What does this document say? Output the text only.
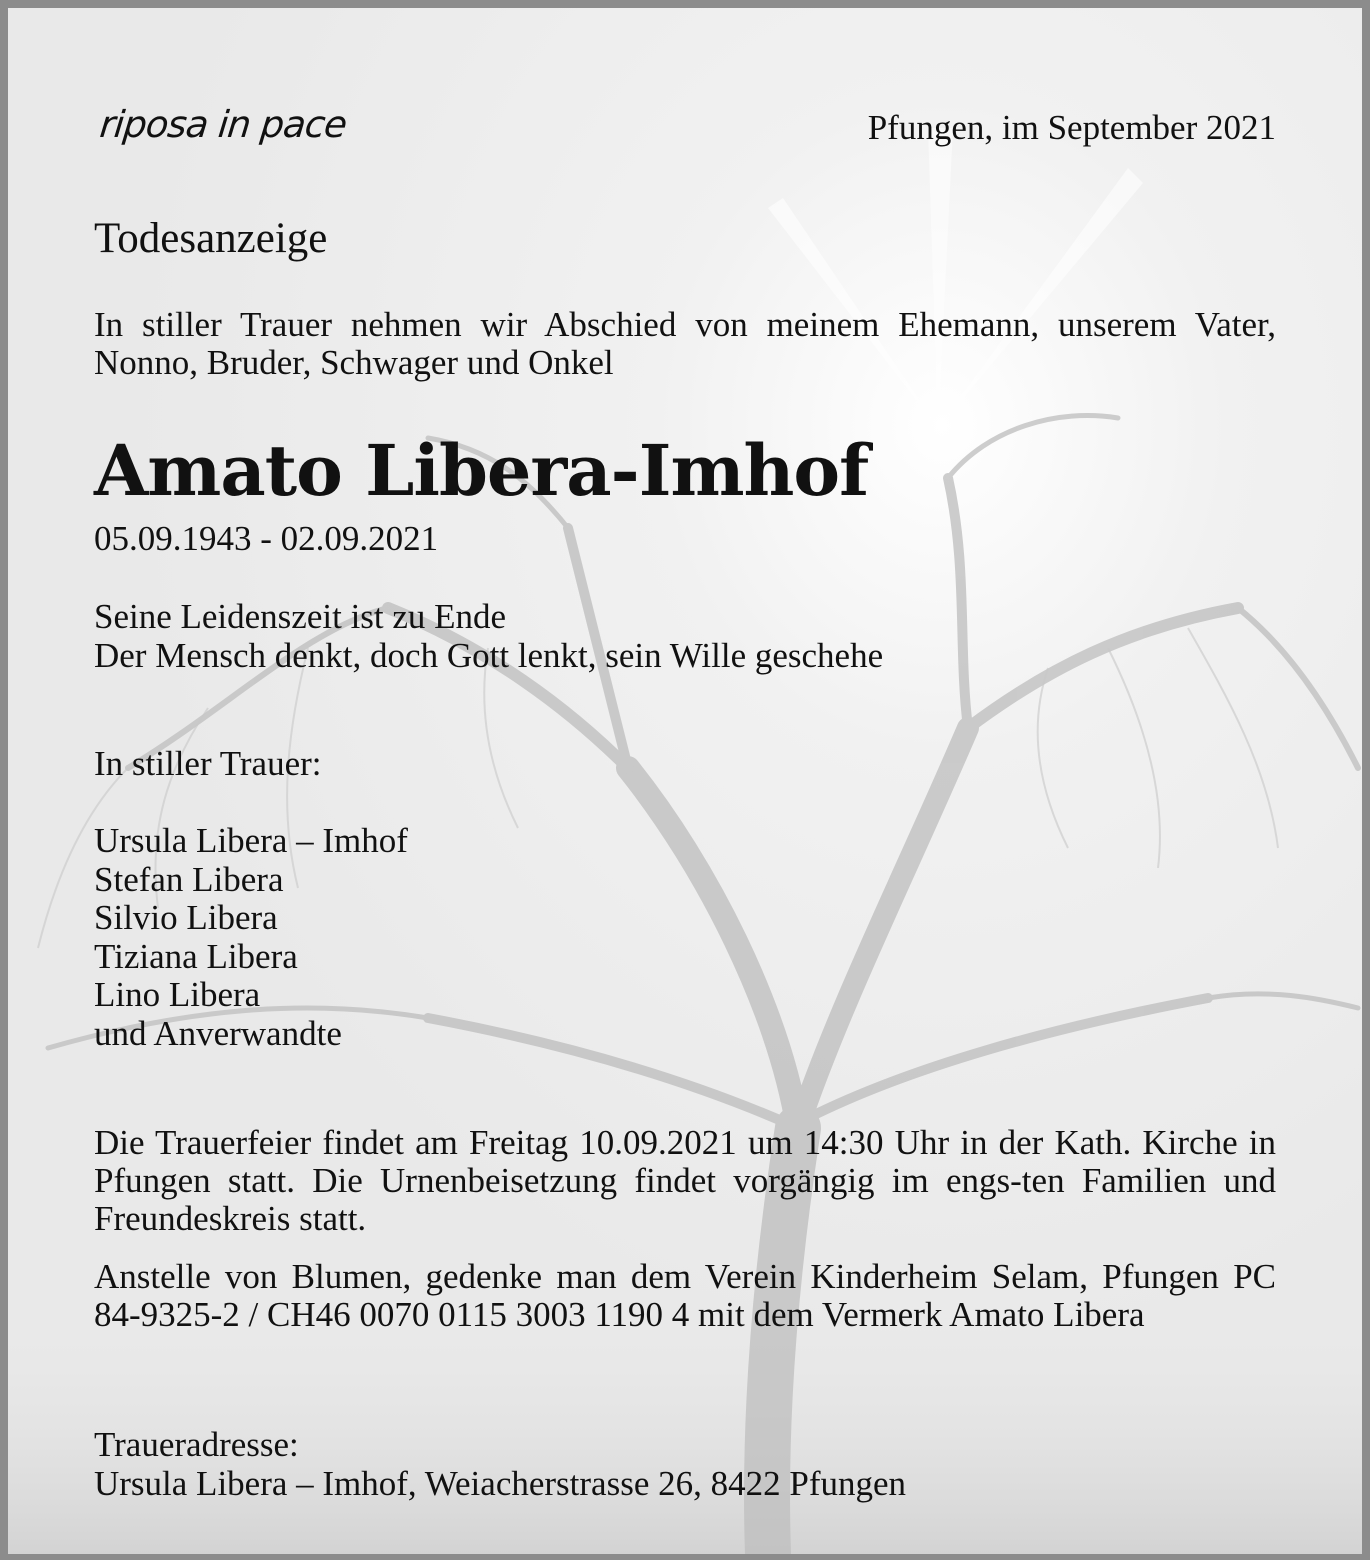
riposa in pace	Pfungen, im September 2021
Todesanzeige
In stiller Trauer nehmen wir Abschied von meinem Ehemann, unserem Vater, Nonno, Bruder, Schwager und Onkel
Amato Libera-Imhof
05.09.1943 - 02.09.2021
Seine Leidenszeit ist zu Ende
Der Mensch denkt, doch Gott lenkt, sein Wille geschehe
In stiller Trauer:
Ursula Libera – Imhof
Stefan Libera
Silvio Libera
Tiziana Libera
Lino Libera
und Anverwandte
Die Trauerfeier findet am Freitag 10.09.2021 um 14:30 Uhr in der Kath. Kirche in Pfungen statt. Die Urnenbeisetzung findet vorgängig im engs-ten Familien und Freundeskreis statt.
Anstelle von Blumen, gedenke man dem Verein Kinderheim Selam, Pfungen PC 84-9325-2 / CH46 0070 0115 3003 1190 4 mit dem Vermerk Amato Libera
Traueradresse:
Ursula Libera – Imhof, Weiacherstrasse 26, 8422 Pfungen
